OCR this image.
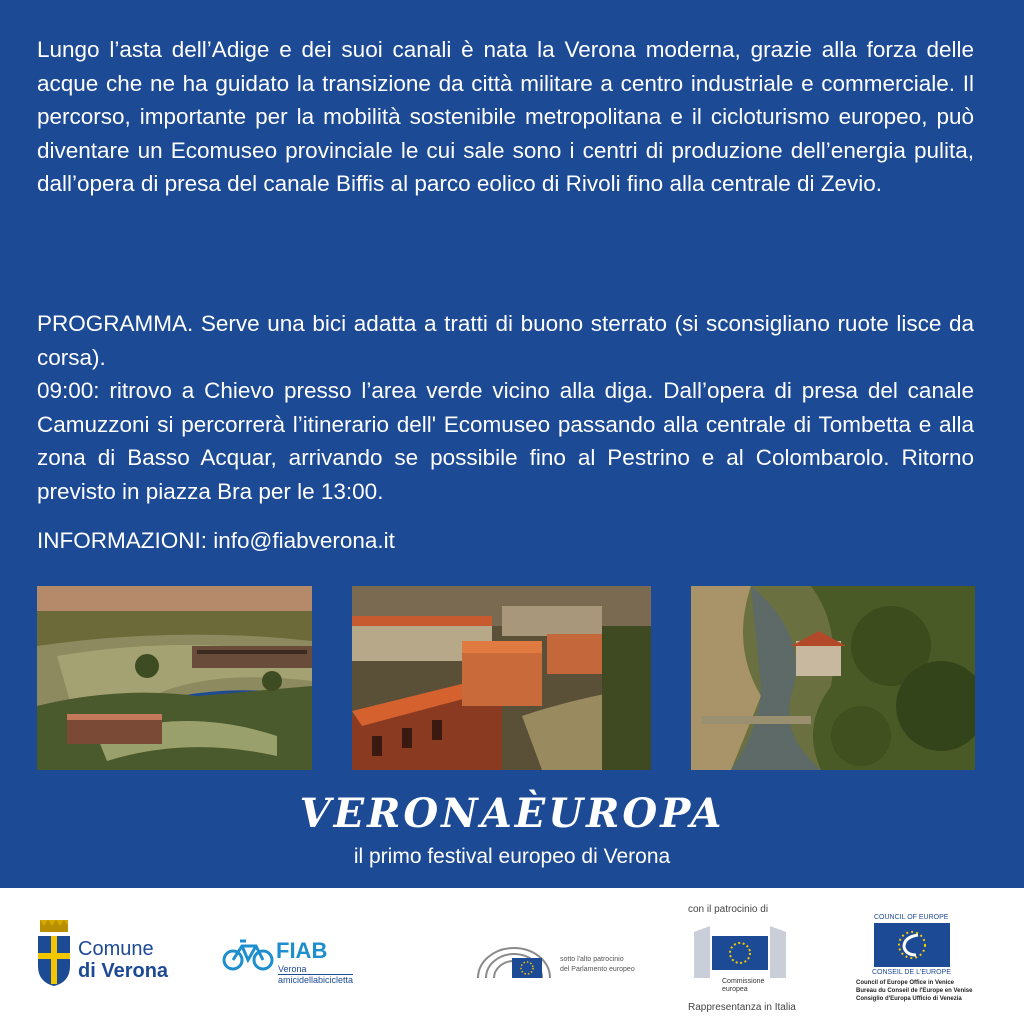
Lungo l’asta dell’Adige e dei suoi canali è nata la Verona moderna, grazie alla forza delle acque che ne ha guidato la transizione da città militare a centro industriale e commerciale. Il percorso, importante per la mobilità sostenibile metropolitana e il cicloturismo europeo, può diventare un Ecomuseo provinciale le cui sale sono i centri di produzione dell’energia pulita, dall’opera di presa del canale Biffis al parco eolico di Rivoli fino alla centrale di Zevio.

PROGRAMMA. Serve una bici adatta a tratti di buono sterrato (si sconsigliano ruote lisce da corsa).
09:00: ritrovo a Chievo presso l’area verde vicino alla diga. Dall’opera di presa del canale Camuzzoni si percorrerà l’itinerario dell' Ecomuseo passando alla centrale di Tombetta e alla zona di Basso Acquar, arrivando se possibile fino al Pestrino e al Colombarolo. Ritorno previsto in piazza Bra per le 13:00.
INFORMAZIONI: info@fiabverona.it
VERONAÈUROPA
il primo festival europeo di Verona
Comune
di Verona
FIAB
Verona
amicidellabicicletta
sotto l'alto patrocinio
del Parlamento europeo
con il patrocinio di
Commissione
europea
Rappresentanza in Italia
COUNCIL OF EUROPE
CONSEIL DE L'EUROPE
Council of Europe Office in Venice
Bureau du Conseil de l'Europe en Venise
Consiglio d'Europa Ufficio di Venezia
